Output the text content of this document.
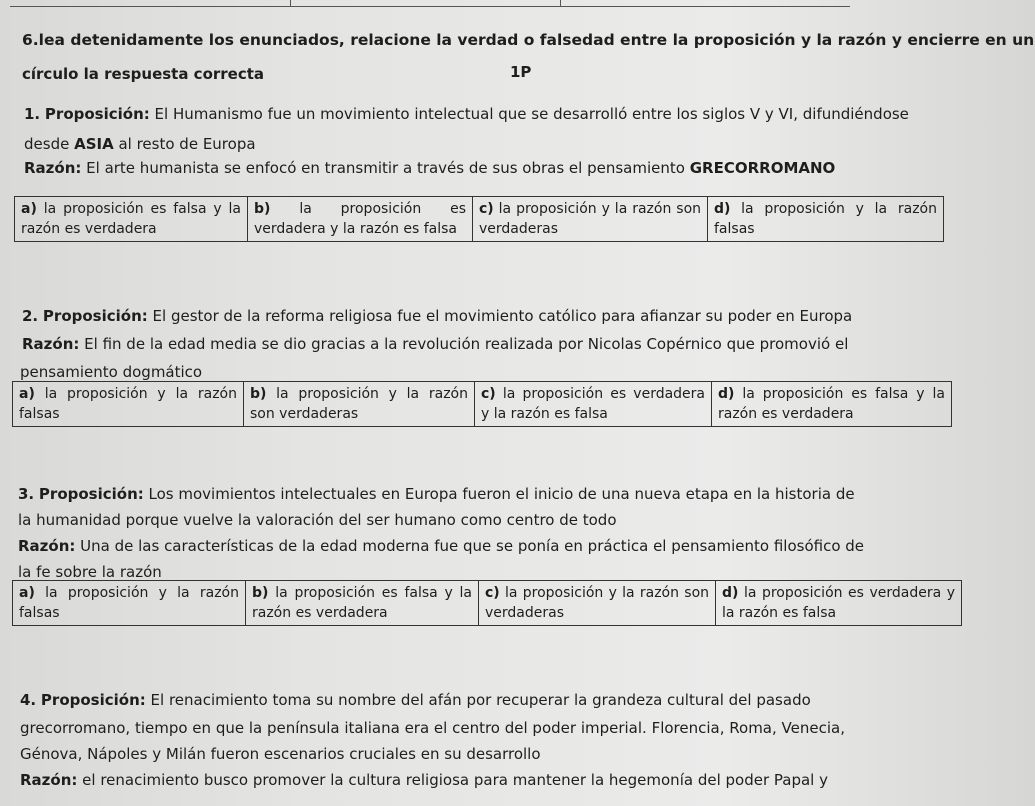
6.lea detenidamente los enunciados, relacione la verdad o falsedad entre la proposición y la razón y encierre en un
círculo la respuesta correcta	1P
1. Proposición: El Humanismo fue un movimiento intelectual que se desarrolló entre los siglos V y VI, difundiéndose
desde ASIA al resto de Europa
Razón: El arte humanista se enfocó en transmitir a través de sus obras el pensamiento GRECORROMANO
a) la proposición es falsa y la razón es verdadera	b) la proposición es verdadera y la razón es falsa	c) la proposición y la razón son verdaderas	d) la proposición y la razón falsas
2. Proposición: El gestor de la reforma religiosa fue el movimiento católico para afianzar su poder en Europa
Razón: El fin de la edad media se dio gracias a la revolución realizada por Nicolas Copérnico que promovió el
pensamiento dogmático
a) la proposición y la razón falsas	b) la proposición y la razón son verdaderas	c) la proposición es verdadera y la razón es falsa	d) la proposición es falsa y la razón es verdadera
3. Proposición: Los movimientos intelectuales en Europa fueron el inicio de una nueva etapa en la historia de
la humanidad porque vuelve la valoración del ser humano como centro de todo
Razón: Una de las características de la edad moderna fue que se ponía en práctica el pensamiento filosófico de
la fe sobre la razón
a) la proposición y la razón falsas	b) la proposición es falsa y la razón es verdadera	c) la proposición y la razón son verdaderas	d) la proposición es verdadera y la razón es falsa
4. Proposición: El renacimiento toma su nombre del afán por recuperar la grandeza cultural del pasado
grecorromano, tiempo en que la península italiana era el centro del poder imperial. Florencia, Roma, Venecia,
Génova, Nápoles y Milán fueron escenarios cruciales en su desarrollo
Razón: el renacimiento busco promover la cultura religiosa para mantener la hegemonía del poder Papal y
